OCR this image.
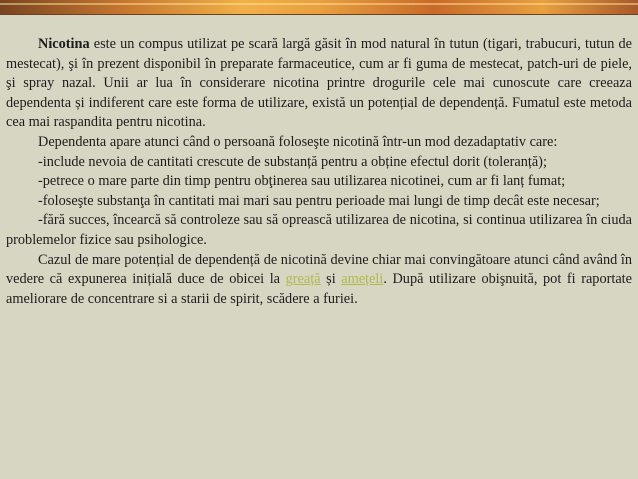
Nicotina este un compus utilizat pe scară largă găsit în mod natural în tutun (tigari, trabucuri, tutun de mestecat), şi în prezent disponibil în preparate farmaceutice, cum ar fi guma de mestecat, patch-uri de piele, şi spray nazal. Unii ar lua în considerare nicotina printre drogurile cele mai cunoscute care creeaza dependenta și indiferent care este forma de utilizare, există un potențial de dependență. Fumatul este metoda cea mai raspandita pentru nicotina.

Dependenta apare atunci când o persoană foloseşte nicotină într-un mod dezadaptativ care:

-include nevoia de cantitati crescute de substanță pentru a obține efectul dorit (toleranță);

-petrece o mare parte din timp pentru obţinerea sau utilizarea nicotinei, cum ar fi lanț fumat;

-foloseşte substanţa în cantitati mai mari sau pentru perioade mai lungi de timp decât este necesar;

-fără succes, încearcă să controleze sau să oprească utilizarea de nicotina, si continua utilizarea în ciuda problemelor fizice sau psihologice.

Cazul de mare potențial de dependență de nicotină devine chiar mai convingătoare atunci când având în vedere că expunerea inițială duce de obicei la greață și amețeli. După utilizare obişnuită, pot fi raportate ameliorare de concentrare si a starii de spirit, scădere a furiei.
